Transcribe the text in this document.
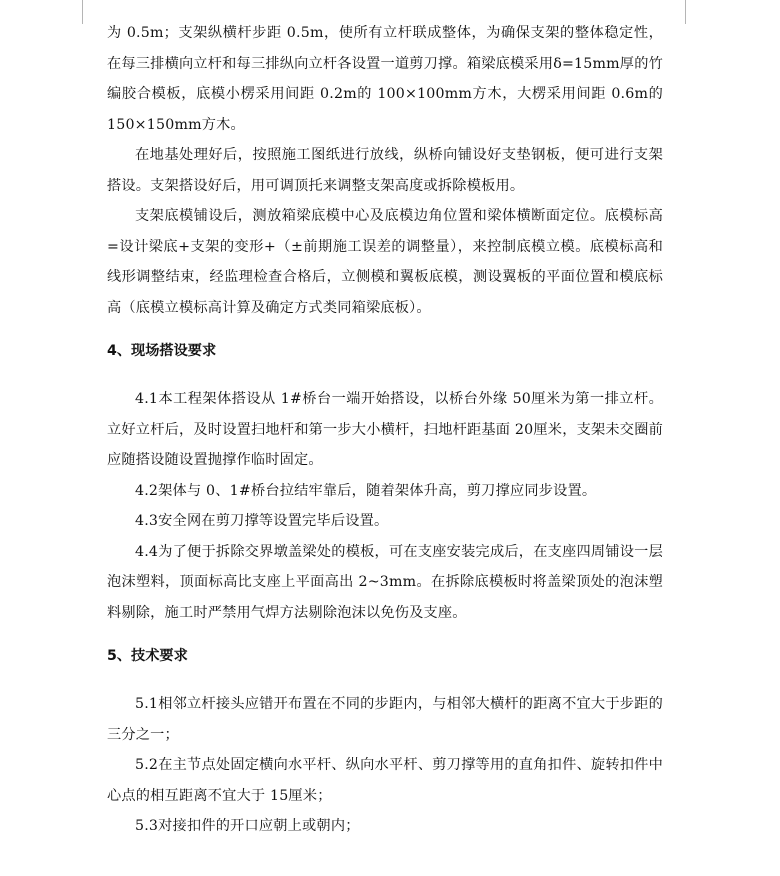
为 0.5m；支架纵横杆步距 0.5m，使所有立杆联成整体，为确保支架的整体稳定性，在每三排横向立杆和每三排纵向立杆各设置一道剪刀撑。箱梁底模采用δ=15mm厚的竹编胶合模板，底模小楞采用间距 0.2m的 100×100mm方木，大楞采用间距 0.6m的 150×150mm方木。

在地基处理好后，按照施工图纸进行放线，纵桥向铺设好支垫钢板，便可进行支架搭设。支架搭设好后，用可调顶托来调整支架高度或拆除模板用。

支架底模铺设后，测放箱梁底模中心及底模边角位置和梁体横断面定位。底模标高=设计梁底+支架的变形+（±前期施工误差的调整量），来控制底模立模。底模标高和线形调整结束，经监理检查合格后，立侧模和翼板底模，测设翼板的平面位置和模底标高（底模立模标高计算及确定方式类同箱梁底板）。

4、现场搭设要求

4.1本工程架体搭设从 1#桥台一端开始搭设，以桥台外缘 50厘米为第一排立杆。立好立杆后，及时设置扫地杆和第一步大小横杆，扫地杆距基面 20厘米，支架未交圈前应随搭设随设置抛撑作临时固定。

4.2架体与 0、1#桥台拉结牢靠后，随着架体升高，剪刀撑应同步设置。

4.3安全网在剪刀撑等设置完毕后设置。

4.4为了便于拆除交界墩盖梁处的模板，可在支座安装完成后，在支座四周铺设一层泡沫塑料，顶面标高比支座上平面高出 2~3mm。在拆除底模板时将盖梁顶处的泡沫塑料剔除，施工时严禁用气焊方法剔除泡沫以免伤及支座。

5、技术要求

5.1相邻立杆接头应错开布置在不同的步距内，与相邻大横杆的距离不宜大于步距的三分之一；

5.2在主节点处固定横向水平杆、纵向水平杆、剪刀撑等用的直角扣件、旋转扣件中心点的相互距离不宜大于 15厘米；

5.3对接扣件的开口应朝上或朝内；
